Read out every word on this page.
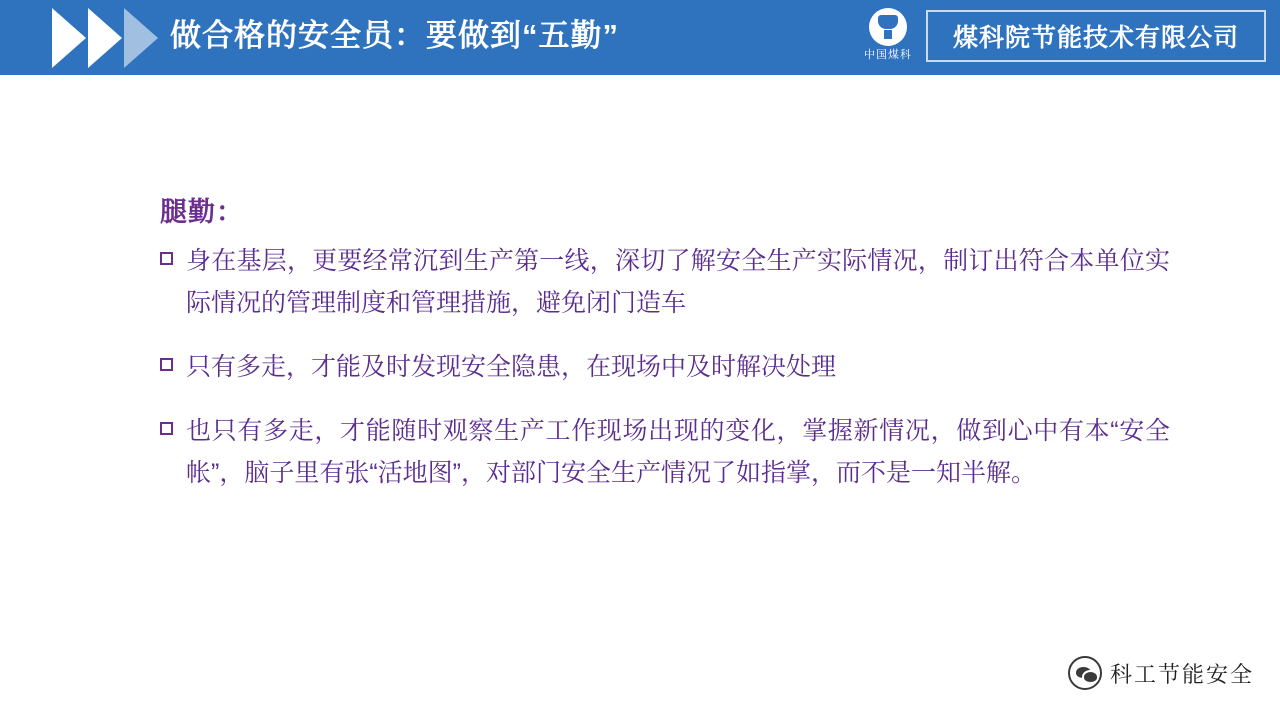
做合格的安全员：要做到“五勤”
中国煤科
煤科院节能技术有限公司
腿勤：
身在基层，更要经常沉到生产第一线，深切了解安全生产实际情况，制订出符合本单位实际情况的管理制度和管理措施，避免闭门造车
只有多走，才能及时发现安全隐患，在现场中及时解决处理
也只有多走，才能随时观察生产工作现场出现的变化，掌握新情况，做到心中有本“安全帐”，脑子里有张“活地图”，对部门安全生产情况了如指掌，而不是一知半解。
科工节能安全
